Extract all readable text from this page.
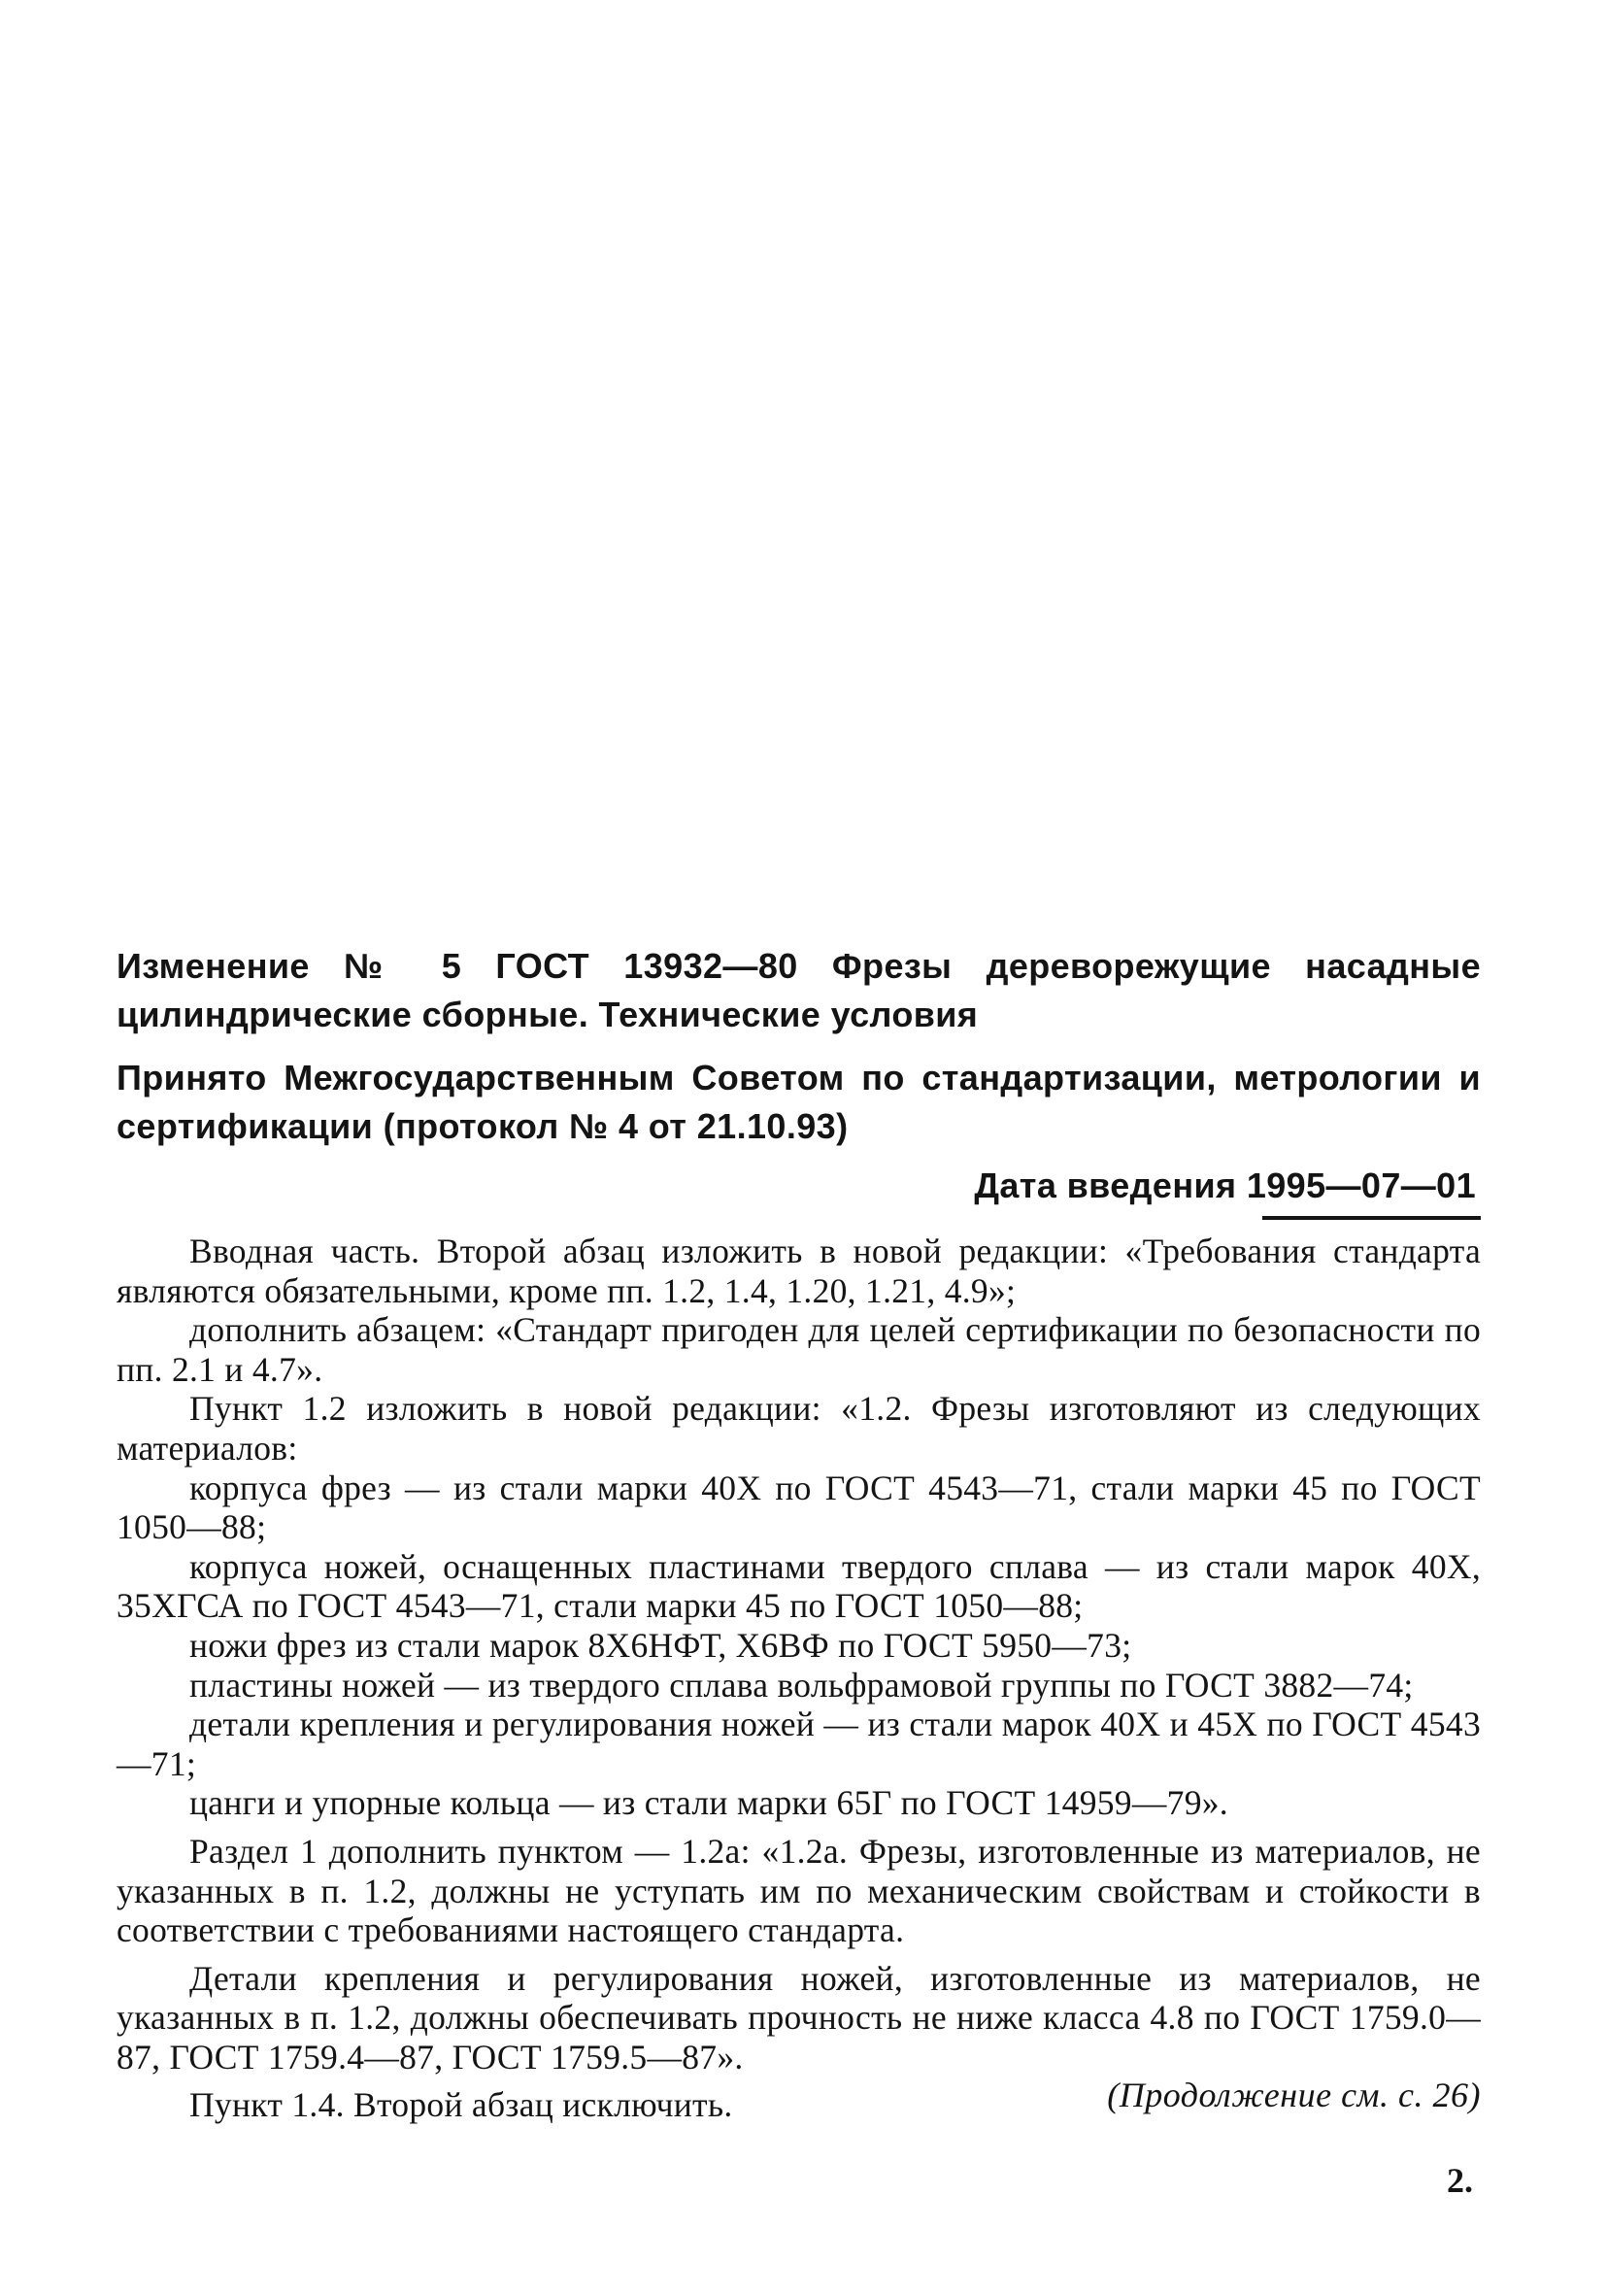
Изменение № 5 ГОСТ 13932—80 Фрезы дереворежущие насадные цилиндрические сборные. Технические условия

Принято Межгосударственным Советом по стандартизации, метрологии и сертификации (протокол № 4 от 21.10.93)

Дата введения 1995—07—01

Вводная часть. Второй абзац изложить в новой редакции: «Требования стандарта являются обязательными, кроме пп. 1.2, 1.4, 1.20, 1.21, 4.9»;

дополнить абзацем: «Стандарт пригоден для целей сертификации по безопасности по пп. 2.1 и 4.7».

Пункт 1.2 изложить в новой редакции: «1.2. Фрезы изготовляют из следующих материалов:

корпуса фрез — из стали марки 40Х по ГОСТ 4543—71, стали марки 45 по ГОСТ 1050—88;

корпуса ножей, оснащенных пластинами твердого сплава — из стали марок 40Х, 35ХГСА по ГОСТ 4543—71, стали марки 45 по ГОСТ 1050—88;

ножи фрез из стали марок 8Х6НФТ, Х6ВФ по ГОСТ 5950—73;

пластины ножей — из твердого сплава вольфрамовой группы по ГОСТ 3882—74;

детали крепления и регулирования ножей — из стали марок 40Х и 45Х по ГОСТ 4543—71;

цанги и упорные кольца — из стали марки 65Г по ГОСТ 14959—79».

Раздел 1 дополнить пунктом — 1.2а: «1.2а. Фрезы, изготовленные из материалов, не указанных в п. 1.2, должны не уступать им по механическим свойствам и стойкости в соответствии с требованиями настоящего стандарта.

Детали крепления и регулирования ножей, изготовленные из материалов, не указанных в п. 1.2, должны обеспечивать прочность не ниже класса 4.8 по ГОСТ 1759.0—87, ГОСТ 1759.4—87, ГОСТ 1759.5—87».

Пункт 1.4. Второй абзац исключить.	(Продолжение см. с. 26)
2.
